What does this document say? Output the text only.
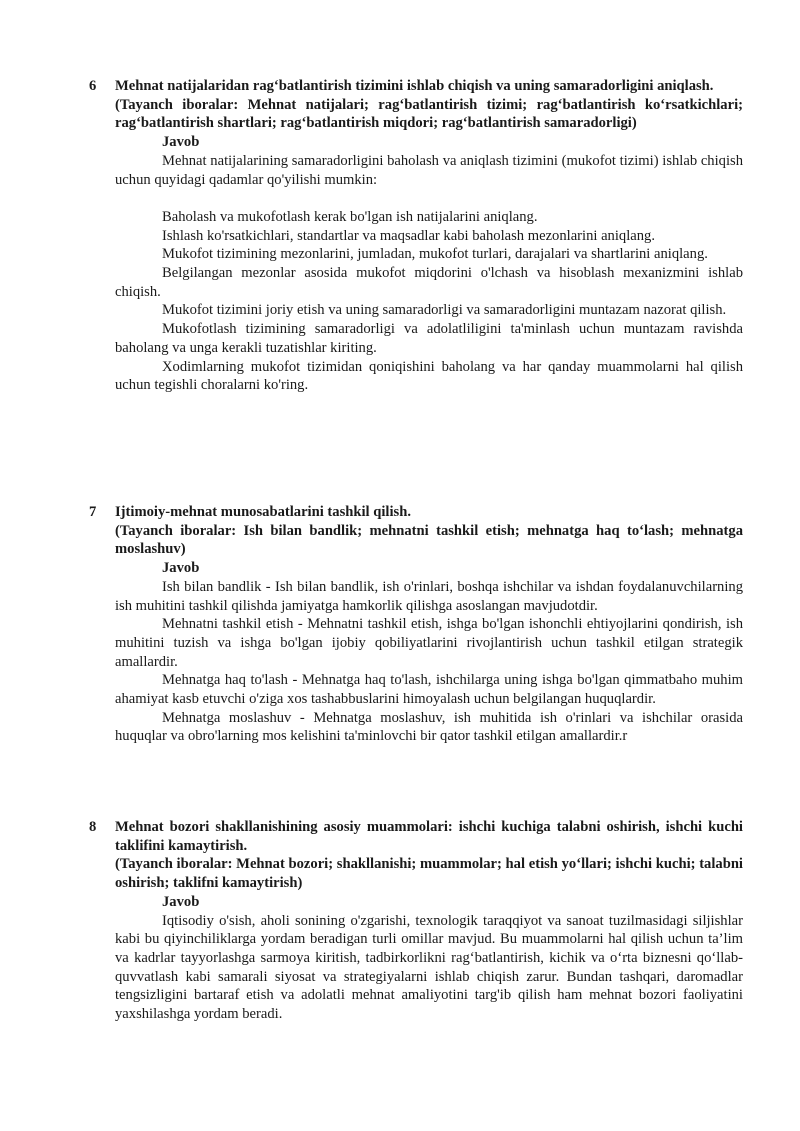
6 Mehnat natijalaridan rag‘batlantirish tizimini ishlab chiqish va uning samaradorligini aniqlash.
(Tayanch iboralar: Mehnat natijalari; rag‘batlantirish tizimi; rag‘batlantirish ko‘rsatkichlari; rag‘batlantirish shartlari; rag‘batlantirish miqdori; rag‘batlantirish samaradorligi)
Javob

Mehnat natijalarining samaradorligini baholash va aniqlash tizimini (mukofot tizimi) ishlab chiqish uchun quyidagi qadamlar qo'yilishi mumkin:

Baholash va mukofotlash kerak bo'lgan ish natijalarini aniqlang.

Ishlash ko'rsatkichlari, standartlar va maqsadlar kabi baholash mezonlarini aniqlang.

Mukofot tizimining mezonlarini, jumladan, mukofot turlari, darajalari va shartlarini aniqlang.

Belgilangan mezonlar asosida mukofot miqdorini o'lchash va hisoblash mexanizmini ishlab chiqish.

Mukofot tizimini joriy etish va uning samaradorligi va samaradorligini muntazam nazorat qilish.

Mukofotlash tizimining samaradorligi va adolatliligini ta'minlash uchun muntazam ravishda baholang va unga kerakli tuzatishlar kiriting.

Xodimlarning mukofot tizimidan qoniqishini baholang va har qanday muammolarni hal qilish uchun tegishli choralarni ko'ring.

7 Ijtimoiy-mehnat munosabatlarini tashkil qilish.
(Tayanch iboralar: Ish bilan bandlik; mehnatni tashkil etish; mehnatga haq to‘lash; mehnatga moslashuv)
Javob

Ish bilan bandlik - Ish bilan bandlik, ish o'rinlari, boshqa ishchilar va ishdan foydalanuvchilarning ish muhitini tashkil qilishda jamiyatga hamkorlik qilishga asoslangan mavjudotdir.

Mehnatni tashkil etish - Mehnatni tashkil etish, ishga bo'lgan ishonchli ehtiyojlarini qondirish, ish muhitini tuzish va ishga bo'lgan ijobiy qobiliyatlarini rivojlantirish uchun tashkil etilgan strategik amallardir.

Mehnatga haq to'lash - Mehnatga haq to'lash, ishchilarga uning ishga bo'lgan qimmatbaho muhim ahamiyat kasb etuvchi o'ziga xos tashabbuslarini himoyalash uchun belgilangan huquqlardir.

Mehnatga moslashuv - Mehnatga moslashuv, ish muhitida ish o'rinlari va ishchilar orasida huquqlar va obro'larning mos kelishini ta'minlovchi bir qator tashkil etilgan amallardir.r

8 Mehnat bozori shakllanishining asosiy muammolari: ishchi kuchiga talabni oshirish, ishchi kuchi taklifini kamaytirish.
(Tayanch iboralar: Mehnat bozori; shakllanishi; muammolar; hal etish yo‘llari; ishchi kuchi; talabni oshirish; taklifni kamaytirish)
Javob

Iqtisodiy o'sish, aholi sonining o'zgarishi, texnologik taraqqiyot va sanoat tuzilmasidagi siljishlar kabi bu qiyinchiliklarga yordam beradigan turli omillar mavjud. Bu muammolarni hal qilish uchun ta’lim va kadrlar tayyorlashga sarmoya kiritish, tadbirkorlikni rag‘batlantirish, kichik va o‘rta biznesni qo‘llab-quvvatlash kabi samarali siyosat va strategiyalarni ishlab chiqish zarur. Bundan tashqari, daromadlar tengsizligini bartaraf etish va adolatli mehnat amaliyotini targ'ib qilish ham mehnat bozori faoliyatini yaxshilashga yordam beradi.
